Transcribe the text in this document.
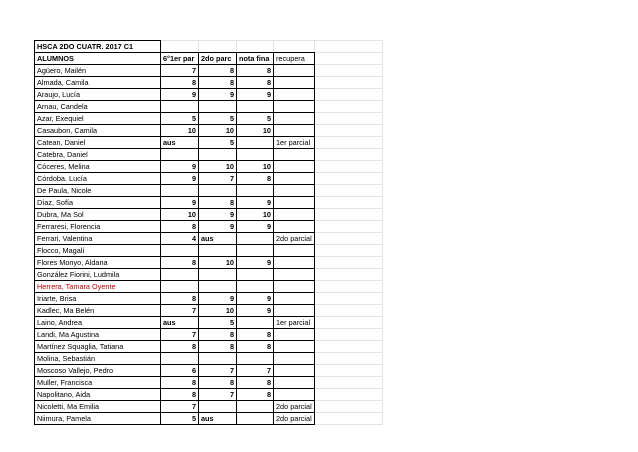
HSCA 2DO CUATR. 2017 C1					
ALUMNOS	6°1er par	2do parc	nota fina	recupera	
Agüero, Mailén	7	8	8		
Almada, Camila	8	8	8		
Araujo, Lucía	9	9	9		
Arnau, Candela					
Azar, Exequiel	5	5	5		
Casaubon, Camila	10	10	10		
Catean, Daniel	aus	5		1er parcial	
Catebra, Daniel					
Cóceres, Melina	9	10	10		
Córdoba. Lucía	9	7	8		
De Paula, Nicole					
Díaz, Sofía	9	8	9		
Dubra, Ma Sol	10	9	10		
Ferraresi, Florencia	8	9	9		
Ferrari, Valentina	4	aus		2do parcial	
Flocco, Magalí					
Flores Monyo, Aldana	8	10	9		
González Fiorini, Ludmila					
Herrera, Tamara Oyente					
Iriarte, Brisa	8	9	9		
Kadlec, Ma Belén	7	10	9		
Laino, Andrea	aus	5		1er parcial	
Landi, Ma Agustina	7	8	8		
Martínez Squaglia, Tatiana	8	8	8		
Molina, Sebastián					
Moscoso Vallejo, Pedro	6	7	7		
Muller, Francisca	8	8	8		
Napolitano, Aida	8	7	8		
Nicoletti, Ma Emilia	7			2do parcial	
Niimura, Pamela	5	aus		2do parcial	
